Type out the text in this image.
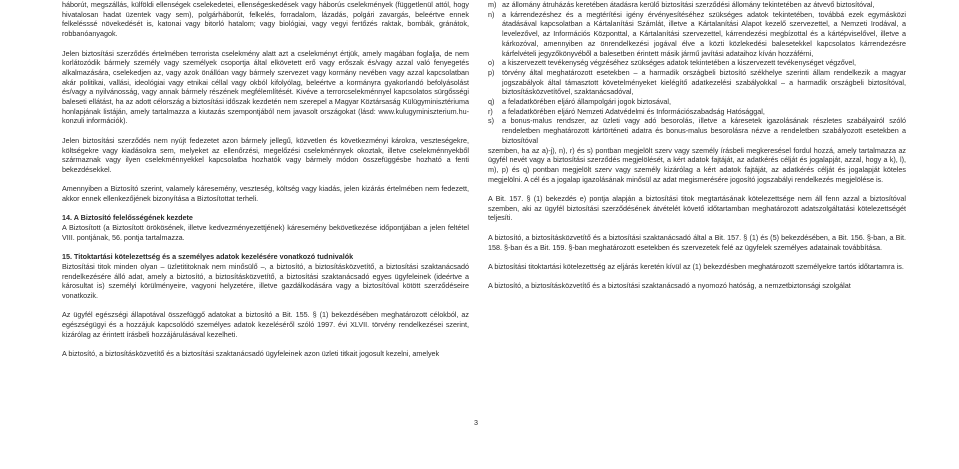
háborút, megszállás, külföldi ellenségek cselekedetei, ellenségeskedések vagy háborús cselekmények (függetlenül attól, hogy hivatalosan hadat üzentek vagy sem), polgárháborút, felkelés, forradalom, lázadás, polgári zavargás, beleértve ennek felkelésssé növekedését is, katonai vagy bitorló hatalom; vagy biológiai, vagy vegyi fertőzés raktak, bombák, gránátok, robbanóanyagok.

Jelen biztosítási szerződés értelmében terrorista cselekmény alatt azt a cselekményt értjük, amely magában foglalja, de nem korlátozódik bármely személy vagy személyek csoportja által elkövetett erő vagy erőszak és/vagy azzal való fenyegetés alkalmazására, cselekedjen az, vagy azok önállóan vagy bármely szervezet vagy kormány nevében vagy azzal kapcsolatban akár politikai, vallási, ideológiai vagy etnikai céllal vagy okból kifolyólag, beleértve a kormányra gyakorlandó befolyásolást és/vagy a nyilvánosság, vagy annak bármely részének megfélemlítését. Kivéve a terrorcselekménnyel kapcsolatos sürgősségi baleseti ellátást, ha az adott célország a biztosítási időszak kezdetén nem szerepel a Magyar Köztársaság Külügyminisztériuma honlapjának listáján, amely tartalmazza a kiutazás szempontjából nem javasolt országokat (lásd: www.kulugyminiszterium.hu-konzuli információk).

Jelen biztosítási szerződés nem nyújt fedezetet azon bármely jellegű, közvetlen és következményi károkra, veszteségekre, költségekre vagy kiadásokra sem, melyeket az ellenőrzési, megelőzési cselekménnyek okoztak, illetve cselekménnyekből származnak vagy ilyen cselekménnyekkel kapcsolatba hozhatók vagy bármely módon összefüggésbe hozható a fenti bekezdésekkel.

Amennyiben a Biztosító szerint, valamely káresemény, veszteség, költség vagy kiadás, jelen kizárás értelmében nem fedezett, akkor ennek ellenkezőjének bizonyítása a Biztosítottat terheli.

14. A Biztosító felelősségének kezdete

A Biztosított (a Biztosított örökösének, illetve kedvezményezettjének) káresemény bekövetkezése időpontjában a jelen feltétel VIII. pontjának, 56. pontja tartalmazza.

15. Titoktartási kötelezettség és a személyes adatok kezelésére vonatkozó tudnivalók

Biztosítási titok minden olyan – üzletititoknak nem minősülő –, a biztosító, a biztosításközvetítő, a biztosítási szaktanácsadó rendelkezésére álló adat, amely a biztosító, a biztosításközvetítő, a biztosítási szaktanácsadó egyes ügyfeleinek (ideértve a károsultat is) személyi körülményeire, vagyoni helyzetére, illetve gazdálkodására vagy a biztosítóval kötött szerződéseire vonatkozik.

Az ügyfél egészségi állapotával összefüggő adatokat a biztosító a Bit. 155. § (1) bekezdésében meghatározott célokból, az egészségügyi és a hozzájuk kapcsolódó személyes adatok kezeléséről szóló 1997. évi XLVII. törvény rendelkezései szerint, kizárólag az érintett írásbeli hozzájárulásával kezelheti.

A biztosító, a biztosításközvetítő és a biztosítási szaktanácsadó ügyfeleinek azon üzleti titkait jogosult kezelni, amelyek

m) az állomány átruházás keretében átadásra kerülő biztosítási szerződési állomány tekintetében az átvevő biztosítóval,
n)	a kárrendezéshez és a megtérítési igény érvényesítéséhez szükséges adatok tekintetében, továbbá ezek egymásközi átadásával kapcsolatban a Kártalanítási Számlát, illetve a Kártalanítási Alapot kezelő szervezettel, a Nemzeti Irodával, a levelezővel, az Információs Központtal, a Kártalanítási szervezettel, kárrendezési megbízottal és a kártépviselővel, illetve a kárkozóval, amennyiben az önrendelkezési jogával élve a közti közlekedési balesetekkel kapcsolatos kárrendezésre kárfelvételi jegyzőkönyvéből a balesetben érintett másik jármű javítási adataihoz kíván hozzáférni,
o)	a kiszervezett tevékenység végzéséhez szükséges adatok tekintetében a kiszervezett tevékenységet végzővel,
p)	törvény által meghatározott esetekben – a harmadik országbeli biztosító székhelye szerinti állam rendelkezik a magyar jogszabályok által támasztott követelményeket kielégítő adatkezelési szabályokkal – a harmadik országbeli biztosítóval, biztosításközvetítővel, szaktanácsadóval,
q)	a feladatkörében eljáró állampolgári jogok biztosával,
r)	a feladatkörében eljáró Nemzeti Adatvédelmi és Információszabadság Hatósággal,
s)	a bonus-malus rendszer, az üzleti vagy adó besorolás, illetve a káresetek igazolásának részletes szabályairól szóló rendeletben meghatározott kártörténeti adatra és bonus-malus besorolásra nézve a rendeletben szabályozott esetekben a biztosítóval

szemben, ha az a)-j), n), r) és s) pontban megjelölt szerv vagy személy írásbeli megkeresésel fordul hozzá, amely tartalmazza az ügyfél nevét vagy a biztosítási szerződés megjelölését, a kért adatok fajtáját, az adatkérés célját és jogalapját, azzal, hogy a k), l), m), p) és q) pontban megjelölt szerv vagy személy kizárólag a kért adatok fajtáját, az adatkérés célját és jogalapját köteles megjelölni. A cél és a jogalap igazolásának minősül az adat megismerésére jogosító jogszabályi rendelkezés megjelölése is.

A Bit. 157. § (1) bekezdés e) pontja alapján a biztosítási titok megtartásának kötelezettsége nem áll fenn azzal a biztosítóval szemben, aki az ügyfél biztosítási szerződésének átvételét követő időtartamban meghatározott adatszolgáltatási kötelezettségét teljesíti.

A biztosító, a biztosításközvetítő és a biztosítási szaktanácsadó által a Bit. 157. § (1) és (5) bekezdésében, a Bit. 156. §-ban, a Bit. 158. §-ban és a Bit. 159. §-ban meghatározott esetekben és szervezetek felé az ügyfelek személyes adatainak továbbítása.

A biztosítási titoktartási kötelezettség az eljárás keretén kívül az (1) bekezdésben meghatározott személyekre tartós időtartamra is.

A biztosító, a biztosításközvetítő és a biztosítási szaktanácsadó a nyomozó hatóság, a nemzetbiztonsági szolgálat

3
